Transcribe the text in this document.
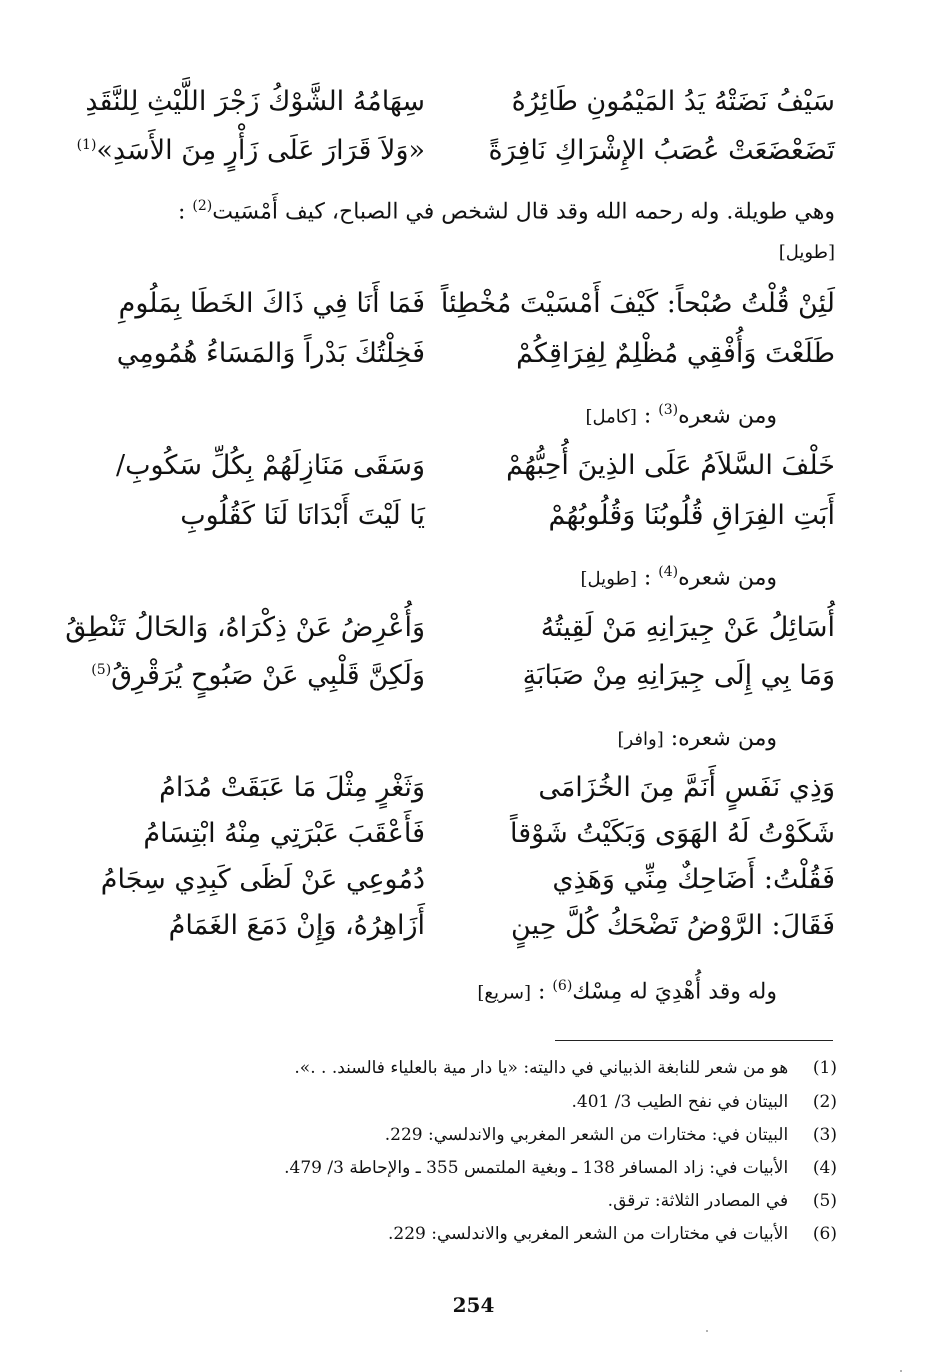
سَيْفُ نَضَتْهُ يَدُ المَيْمُونِ طَائِرُهُ
سِهَامُهُ الشَّوْكُ زَجْرَ اللَّيْثِ لِلنَّقَدِ
تَضَعْضَعَتْ عُصَبُ الإِشْرَاكِ نَافِرَةً
«وَلاَ قَرَارَ عَلَى زَأْرٍ مِنَ الأَسَدِ»$^{(1)}$
وهي طويلة. وله رحمه الله وقد قال لشخص في الصباح، كيف أَمْسَيت$^{(2)}$ :
[طويل]
لَئِنْ قُلْتُ صُبْحاً: كَيْفَ أَمْسَيْتَ مُخْطِئاً
فَمَا أَنَا فِي ذَاكَ الخَطَا بِمَلُومِ
طَلَعْتَ وَأُفْقِي مُظْلِمٌ لِفِرَاقِكُمْ
فَخِلْتُكَ بَدْراً وَالمَسَاءُ هُمُومِي
ومن شعره$^{(3)}$ : [كامل]
خَلْفَ السَّلاَمُ عَلَى الذِينَ أُحِبُّهُمْ
وَسَقَى مَنَازِلَهُمْ بِكُلِّ سَكُوبِ/
أَبَتِ الفِرَاقِ قُلُوبُنَا وَقُلُوبُهُمْ
يَا لَيْتَ أَبْدَانَا لَنَا كَقُلُوبِ
ومن شعره$^{(4)}$ : [طويل]
أُسَائِلُ عَنْ جِيرَانِهِ مَنْ لَقِيتُهُ
وَأُعْرِضُ عَنْ ذِكْرَاهُ، وَالحَالُ تَنْطِقُ
وَمَا بِي إِلَى جِيرَانِهِ مِنْ صَبَابَةٍ
وَلَكِنَّ قَلْبِي عَنْ صَبُوحٍ يُرَقْرِقُ$^{(5)}$
ومن شعره: [وافر]
وَذِي نَفَسٍ أَنَمَّ مِنَ الخُزَامَى
وَثَغْرٍ مِثْلَ مَا عَبَقَتْ مُدَامُ
شَكَوْتُ لَهُ الهَوَى وَبَكَيْتُ شَوْقاً
فَأَعْقَبَ عَبْرَتِي مِنْهُ ابْتِسَامُ
فَقُلْتُ: أَضَاحِكٌ مِنِّي وَهَذِي
دُمُوعِي عَنْ لَظَى كَبِدِي سِجَامُ
فَقَالَ: الرَّوْضُ تَضْحَكُ كُلَّ حِينٍ
أَزَاهِرُهُ، وَإِنْ دَمَعَ الغَمَامُ
وله وقد أُهْدِيَ له مِسْك$^{(6)}$ : [سريع]
(1)  هو من شعر للنابغة الذبياني في داليته: «يا دار مية بالعلياء فالسند. . .».
(2)  البيتان في نفح الطيب 3/ 401.
(3)  البيتان في: مختارات من الشعر المغربي والاندلسي: 229.
(4)  الأبيات في: زاد المسافر 138 ـ وبغية الملتمس 355 ـ والإحاطة 3/ 479.
(5)  في المصادر الثلاثة: ترقق.
(6)  الأبيات في مختارات من الشعر المغربي والاندلسي: 229.
254
